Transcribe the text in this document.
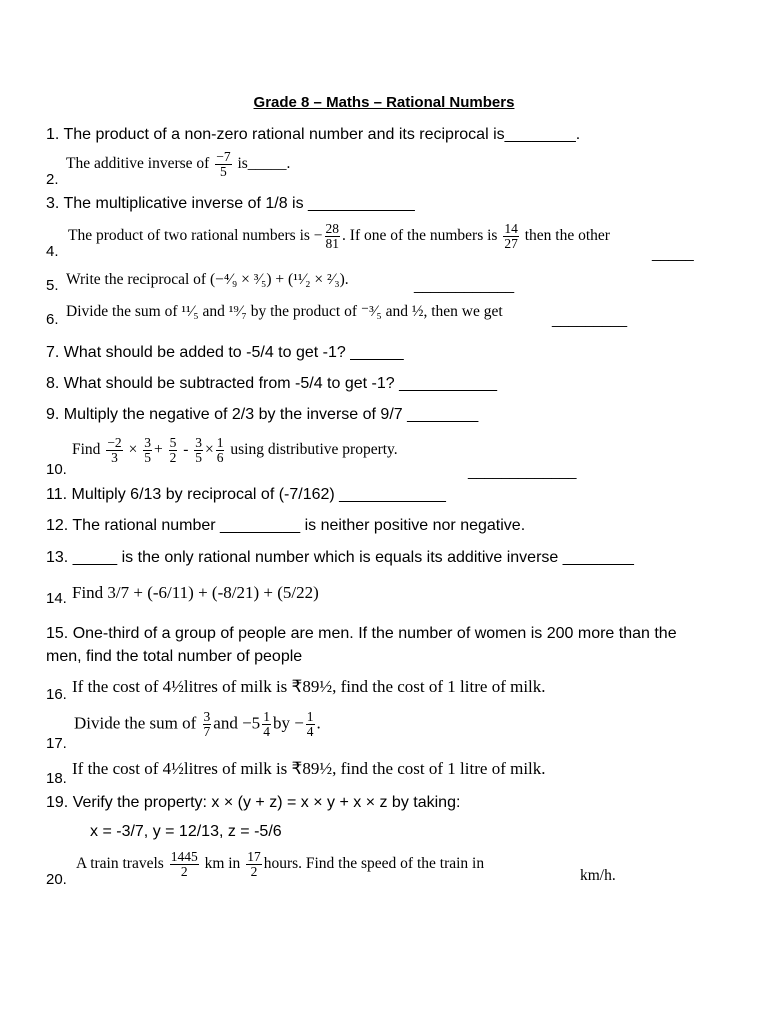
Grade 8 – Maths – Rational Numbers
1. The product of a non-zero rational number and its reciprocal is________.
2.
The additive inverse of $\frac{-7}{5}$ is_____.
3. The multiplicative inverse of 1/8 is ____________
4.
The product of two rational numbers is − $\frac{28}{81}$ . If one of the numbers is $\frac{14}{27}$ then the other
_____
5. Write the reciprocal of (−⁴⁄₉ × ³⁄₅) + (¹¹⁄₂ × ²⁄₃).	____________
6. Divide the sum of ¹¹⁄₅ and ¹⁹⁄₇ by the product of ⁻³⁄₅ and ½, then we get	_________
7. What should be added to -5/4 to get -1? ______
8. What should be subtracted from -5/4 to get -1? ___________
9. Multiply the negative of 2/3 by the inverse of 9/7 ________
10.
Find $\frac{-2}{3} \times \frac{3}{5} + \frac{5}{2} - \frac{3}{5} \times \frac{1}{6}$ using distributive property.
_____________
11. Multiply 6/13 by reciprocal of (-7/162) ____________
12. The rational number _________ is neither positive nor negative.
13. _____ is the only rational number which is equals its additive inverse ________
14. Find 3/7 + (-6/11) + (-8/21) + (5/22)
15. One-third of a group of people are men. If the number of women is 200 more than the men, find the total number of people
16. If the cost of 4½litres of milk is ₹89½, find the cost of 1 litre of milk.
17.
Divide the sum of $\frac{3}{7}$ and $-5 \frac{1}{4}$ by − $\frac{1}{4}$ .
18.
If the cost of 4½litres of milk is ₹89½, find the cost of 1 litre of milk.
19. Verify the property: x × (y + z) = x × y + x × z by taking:
x = -3/7, y = 12/13, z = -5/6
20.
A train travels $\frac{1445}{2}$ km in $\frac{17}{2}$ hours. Find the speed of the train in
km/h.
